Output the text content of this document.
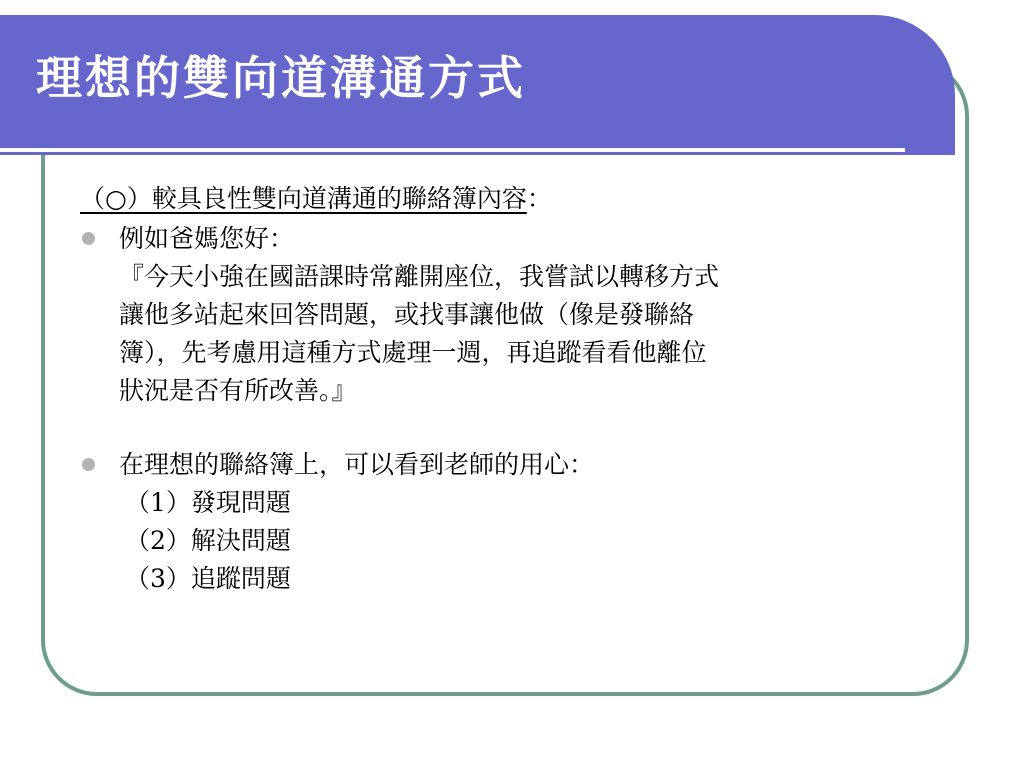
理想的雙向道溝通方式

（○）較具良性雙向道溝通的聯絡簿內容：

例如爸媽您好：
『今天小強在國語課時常離開座位，我嘗試以轉移方式
讓他多站起來回答問題，或找事讓他做（像是發聯絡
簿），先考慮用這種方式處理一週，再追蹤看看他離位
狀況是否有所改善。』
在理想的聯絡簿上，可以看到老師的用心：
（1）發現問題
（2）解決問題
（3）追蹤問題
